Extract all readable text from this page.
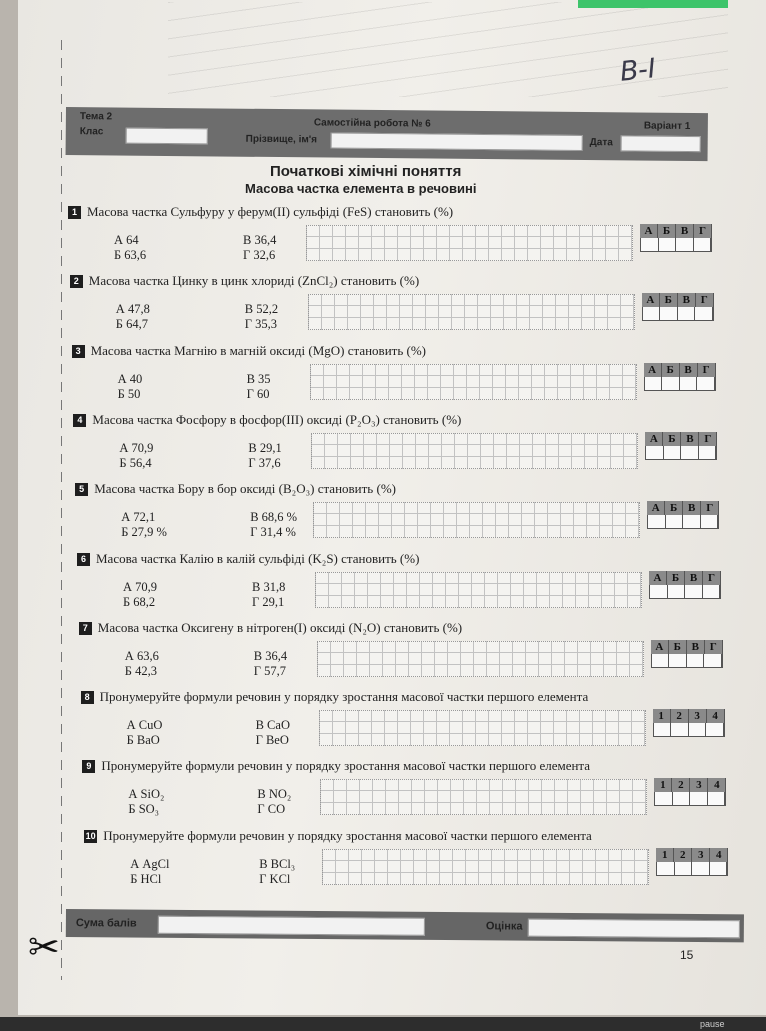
B-I
Тема 2
Клас
Самостійна робота № 6
Прізвище, ім'я
Варіант 1
Дата
Початкові хімічні поняття
Масова частка елемента в речовині
1 Масова частка Сульфуру у ферум(II) сульфіді (FeS) становить (%)
А 64
Б 63,6
В 36,4
Г 32,6
А Б В Г
2 Масова частка Цинку в цинк хлориді (ZnCl₂) становить (%)
А 47,8
Б 64,7
В 52,2
Г 35,3
А Б В Г
3 Масова частка Магнію в магній оксиді (MgO) становить (%)
А 40
Б 50
В 35
Г 60
А Б В Г
4 Масова частка Фосфору в фосфор(III) оксиді (P₂O₃) становить (%)
А 70,9
Б 56,4
В 29,1
Г 37,6
А Б В Г
5 Масова частка Бору в бор оксиді (B₂O₃) становить (%)
А 72,1
Б 27,9 %
В 68,6 %
Г 31,4 %
А Б В Г
6 Масова частка Калію в калій сульфіді (K₂S) становить (%)
А 70,9
Б 68,2
В 31,8
Г 29,1
А Б В Г
7 Масова частка Оксигену в нітроген(I) оксиді (N₂O) становить (%)
А 63,6
Б 42,3
В 36,4
Г 57,7
А Б В Г
8 Пронумеруйте формули речовин у порядку зростання масової частки першого елемента
А CuO
Б BaO
В CaO
Г BeO
1	2	3	4
9 Пронумеруйте формули речовин у порядку зростання масової частки першого елемента
А SiO₂
Б SO₃
В NO₂
Г CO
1	2	3	4
10 Пронумеруйте формули речовин у порядку зростання масової частки першого елемента
А AgCl
Б HCl
В BCl₃
Г KCl
1	2	3	4
Сума балів	Оцінка
✂	15
pause
